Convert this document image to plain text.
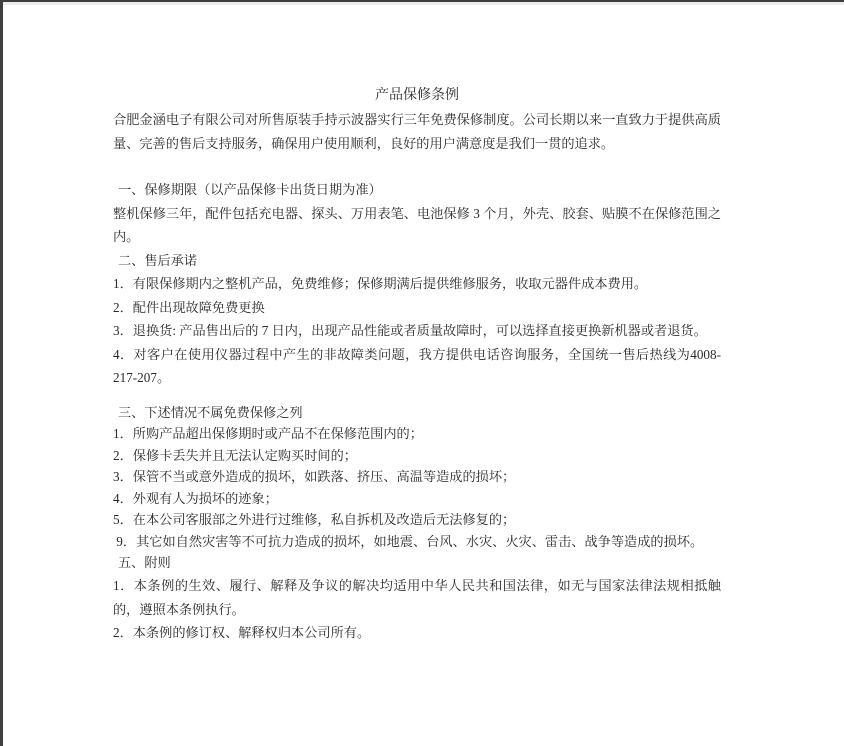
产品保修条例
合肥金涵电子有限公司对所售原装手持示波器实行三年免费保修制度。公司长期以来一直致力于提供高质量、完善的售后支持服务，确保用户使用顺利，良好的用户满意度是我们一贯的追求。
一、保修期限（以产品保修卡出货日期为准）
整机保修三年，配件包括充电器、探头、万用表笔、电池保修 3 个月，外壳、胶套、贴膜不在保修范围之内。
二、售后承诺
1．有限保修期内之整机产品，免费维修；保修期满后提供维修服务，收取元器件成本费用。
2．配件出现故障免费更换
3．退换货: 产品售出后的 7 日内，出现产品性能或者质量故障时，可以选择直接更换新机器或者退货。
4．对客户在使用仪器过程中产生的非故障类问题，我方提供电话咨询服务，全国统一售后热线为4008-217-207。
三、下述情况不属免费保修之列
1．所购产品超出保修期时或产品不在保修范围内的；
2．保修卡丢失并且无法认定购买时间的；
3．保管不当或意外造成的损坏，如跌落、挤压、高温等造成的损坏；
4．外观有人为损坏的迹象；
5．在本公司客服部之外进行过维修，私自拆机及改造后无法修复的；
9．其它如自然灾害等不可抗力造成的损坏，如地震、台风、水灾、火灾、雷击、战争等造成的损坏。
五、附则
1．本条例的生效、履行、解释及争议的解决均适用中华人民共和国法律，如无与国家法律法规相抵触的，遵照本条例执行。
2．本条例的修订权、解释权归本公司所有。
